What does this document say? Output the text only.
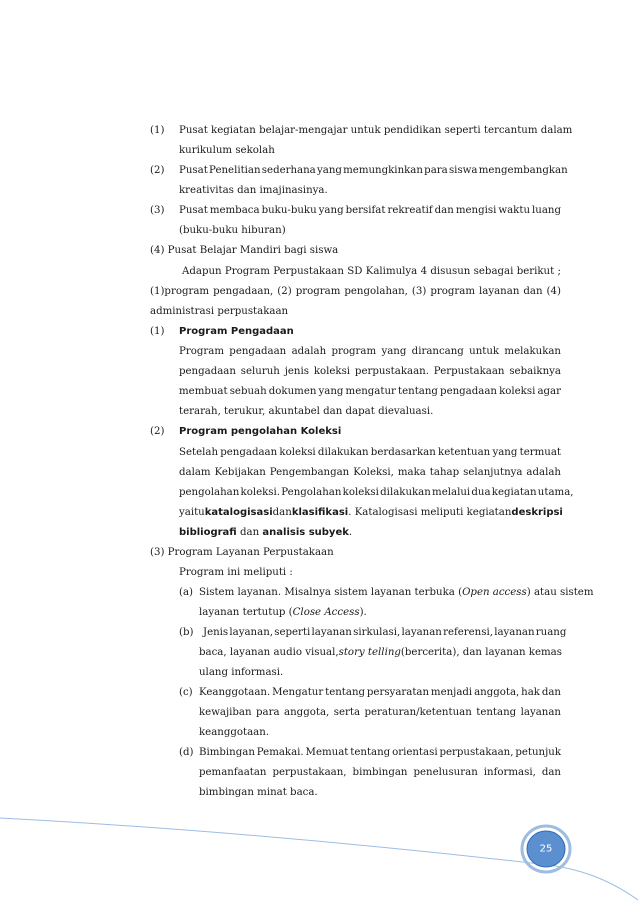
25
(1) Pusat kegiatan belajar-mengajar untuk pendidikan seperti tercantum dalam
kurikulum sekolah
(2) Pusat Penelitian sederhana yang memungkinkan para siswa mengembangkan
kreativitas dan imajinasinya.
(3) Pusat membaca buku-buku yang bersifat rekreatif dan mengisi waktu luang
(buku-buku hiburan)
(4) Pusat Belajar Mandiri bagi siswa
Adapun Program Perpustakaan SD Kalimulya 4 disusun sebagai berikut ;
(1)program pengadaan, (2) program pengolahan, (3) program layanan dan (4)
administrasi perpustakaan
(1) Program Pengadaan
Program pengadaan adalah program yang dirancang untuk melakukan
pengadaan seluruh jenis koleksi perpustakaan. Perpustakaan sebaiknya
membuat sebuah dokumen yang mengatur tentang pengadaan koleksi agar
terarah, terukur, akuntabel dan dapat dievaluasi.
(2) Program pengolahan Koleksi
Setelah pengadaan koleksi dilakukan berdasarkan ketentuan yang termuat
dalam Kebijakan Pengembangan Koleksi, maka tahap selanjutnya adalah
pengolahan koleksi. Pengolahan koleksi dilakukan melalui dua kegiatan utama,
yaitu katalogisasi dan klasifikasi. Katalogisasi meliputi kegiatan deskripsi
bibliografi dan analisis subyek.
(3) Program Layanan Perpustakaan
Program ini meliputi :
(a) Sistem layanan. Misalnya sistem layanan terbuka (Open access) atau sistem
layanan tertutup (Close Access).
(b) Jenis layanan, seperti layanan sirkulasi, layanan referensi, layanan ruang
baca, layanan audio visual, story telling (bercerita), dan layanan kemas
ulang informasi.
(c) Keanggotaan. Mengatur tentang persyaratan menjadi anggota, hak dan
kewajiban para anggota, serta peraturan/ketentuan tentang layanan
keanggotaan.
(d) Bimbingan Pemakai. Memuat tentang orientasi perpustakaan, petunjuk
pemanfaatan perpustakaan, bimbingan penelusuran informasi, dan
bimbingan minat baca.
